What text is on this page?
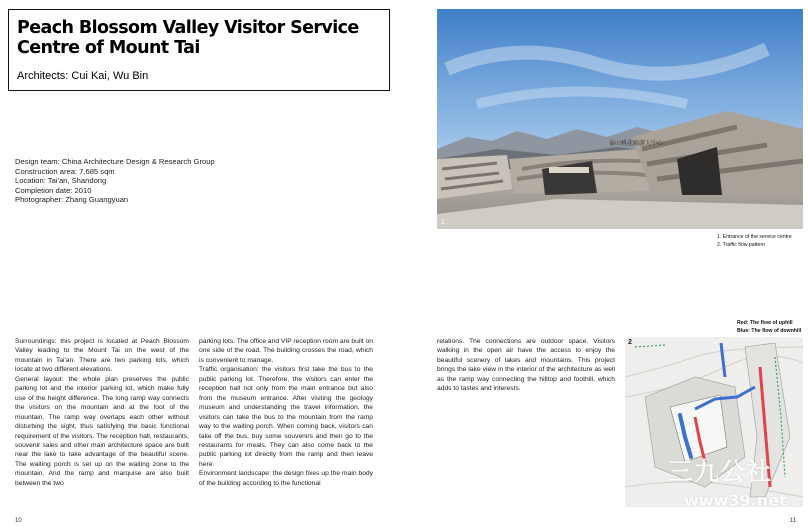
Peach Blossom Valley Visitor Service Centre of Mount Tai
Architects: Cui Kai, Wu Bin
Design team: China Architecture Design & Research Group
Construction area: 7,685 sqm
Location: Tai'an, Shandong
Completion date: 2010
Photographer: Zhang Guangyuan

Surroundings: this project is located at Peach Blossom Valley leading to the Mount Tai on the west of the mountain in Tai'an. There are two parking lots, which locate at two different elevations.

General layout: the whole plan preserves the public parking lot and the interior parking lot, which make fully use of the height difference. The long ramp way connects the visitors on the mountain and at the foot of the mountain. The ramp way overlaps each other without disturbing the sight, thus satisfying the basic functional requirement of the visitors. The reception hall, restaurants, souvenir sales and other main architecture space are built near the lake to take advantage of the beautiful scene. The waiting porch is set up on the waiting zone to the mountain. And the ramp and marquise are also built between the two

parking lots. The office and VIP reception room are built on one side of the road. The building crosses the road, which is convenient to manage.

Traffic organisation: the visitors first take the bus to the public parking lot. Therefore, the visitors can enter the reception hall not only from the main entrance but also from the museum entrance. After visiting the geology museum and understanding the travel information, the visitors can take the bus to the mountain from the ramp way to the waiting porch. When coming back, visitors can take off the bus, buy some souvenirs and then go to the restaurants for meals. They can also come back to the public parking lot directly from the ramp and then leave here.

Environment landscape: the design fixes up the main body of the building according to the functional

relations. The connections are outdoor space. Visitors walking in the open air have the access to enjoy the beautiful scenery of lakes and mountains. This project brings the lake view in the interior of the architecture as well as the ramp way connecting the hilltop and foothill, which adds to tastes and interests.

10	11
泰山桃花峪游人中心
1
1. Entrance of the service centre
2. Traffic flow pattern
Red: The flow of uphill
Blue: The flow of downhill
2
三九公社
www39.net
